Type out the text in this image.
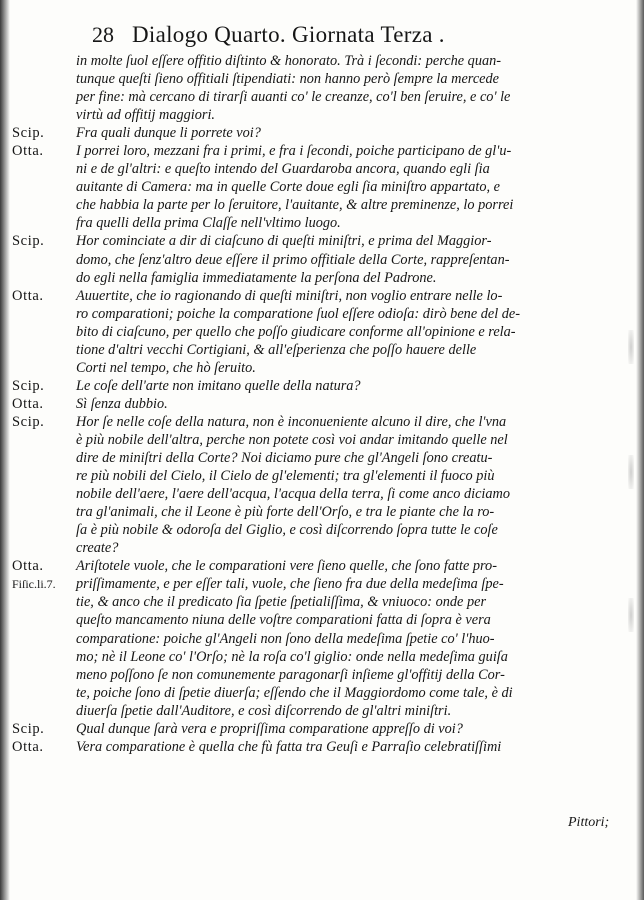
28 Dialogo Quarto. Giornata Terza .
in molte ſuol eſſere offitio diſtinto & honorato. Trà i ſecondi: perche quan-
tunque queſti ſieno offitiali ſtipendiati: non hanno però ſempre la mercede
per fine: mà cercano di tirarſi auanti co' le creanze, co'l ben ſeruire, e co' le
virtù ad offitij maggiori.
Scip.	Fra quali dunque li porrete voi?
Otta.	I porrei loro, mezzani fra i primi, e fra i ſecondi, poiche participano de gl'u-
ni e de gl'altri: e queſto intendo del Guardaroba ancora, quando egli ſia
auitante di Camera: ma in quelle Corte doue egli ſia miniſtro appartato, e
che habbia la parte per lo ſeruitore, l'auitante, & altre preminenze, lo porrei
fra quelli della prima Claſſe nell'vltimo luogo.
Scip.	Hor cominciate a dir di ciaſcuno di queſti miniſtri, e prima del Maggior-
domo, che ſenz'altro deue eſſere il primo offitiale della Corte, rappreſentan-
do egli nella famiglia immediatamente la perſona del Padrone.
Otta.	Auuertite, che io ragionando di queſti miniſtri, non voglio entrare nelle lo-
ro comparationi; poiche la comparatione ſuol eſſere odioſa: dirò bene del de-
bito di ciaſcuno, per quello che poſſo giudicare conforme all'opinione e rela-
tione d'altri vecchi Cortigiani, & all'eſperienza che poſſo hauere delle
Corti nel tempo, che hò ſeruito.
Scip.	Le coſe dell'arte non imitano quelle della natura?
Otta.	Sì ſenza dubbio.
Scip.	Hor ſe nelle coſe della natura, non è inconueniente alcuno il dire, che l'vna
è più nobile dell'altra, perche non potete così voi andar imitando quelle nel
dire de miniſtri della Corte? Noi diciamo pure che gl'Angeli ſono creatu-
re più nobili del Cielo, il Cielo de gl'elementi; tra gl'elementi il fuoco più
nobile dell'aere, l'aere dell'acqua, l'acqua della terra, ſi come anco diciamo
tra gl'animali, che il Leone è più forte dell'Orſo, e tra le piante che la ro-
ſa è più nobile & odoroſa del Giglio, e così diſcorrendo ſopra tutte le coſe
create?
Otta.	Ariſtotele vuole, che le comparationi vere ſieno quelle, che ſono fatte pro-
Fiſic.li.7.	priſſimamente, e per eſſer tali, vuole, che ſieno fra due della medeſima ſpe-
tie, & anco che il predicato ſia ſpetie ſpetialiſſima, & vniuoco: onde per
queſto mancamento niuna delle voſtre comparationi fatta di ſopra è vera
comparatione: poiche gl'Angeli non ſono della medeſima ſpetie co' l'huo-
mo; nè il Leone co' l'Orſo; nè la roſa co'l giglio: onde nella medeſima guiſa
meno poſſono ſe non comunemente paragonarſi inſieme gl'offitij della Cor-
te, poiche ſono di ſpetie diuerſa; eſſendo che il Maggiordomo come tale, è di
diuerſa ſpetie dall'Auditore, e così diſcorrendo de gl'altri miniſtri.
Scip.	Qual dunque ſarà vera e propriſſima comparatione appreſſo di voi?
Otta.	Vera comparatione è quella che fù fatta tra Geuſi e Parraſio celebratiſſimi
Pittori;
